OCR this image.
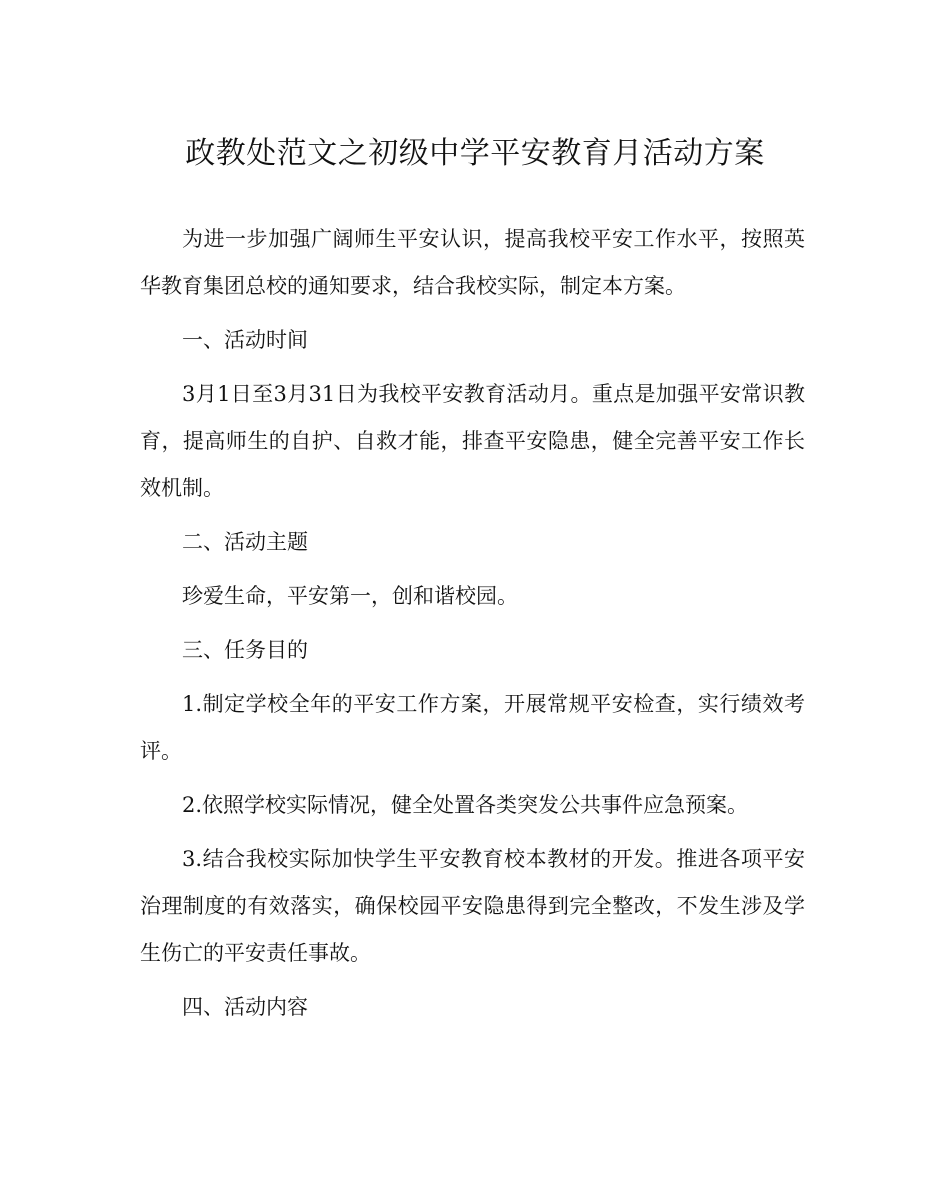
政教处范文之初级中学平安教育月活动方案

为进一步加强广阔师生平安认识，提高我校平安工作水平，按照英华教育集团总校的通知要求，结合我校实际，制定本方案。

一、活动时间

3月1日至3月31日为我校平安教育活动月。重点是加强平安常识教育，提高师生的自护、自救才能，排查平安隐患，健全完善平安工作长效机制。

二、活动主题

珍爱生命，平安第一，创和谐校园。

三、任务目的

1.制定学校全年的平安工作方案，开展常规平安检查，实行绩效考评。

2.依照学校实际情况，健全处置各类突发公共事件应急预案。

3.结合我校实际加快学生平安教育校本教材的开发。推进各项平安治理制度的有效落实，确保校园平安隐患得到完全整改，不发生涉及学生伤亡的平安责任事故。

四、活动内容
